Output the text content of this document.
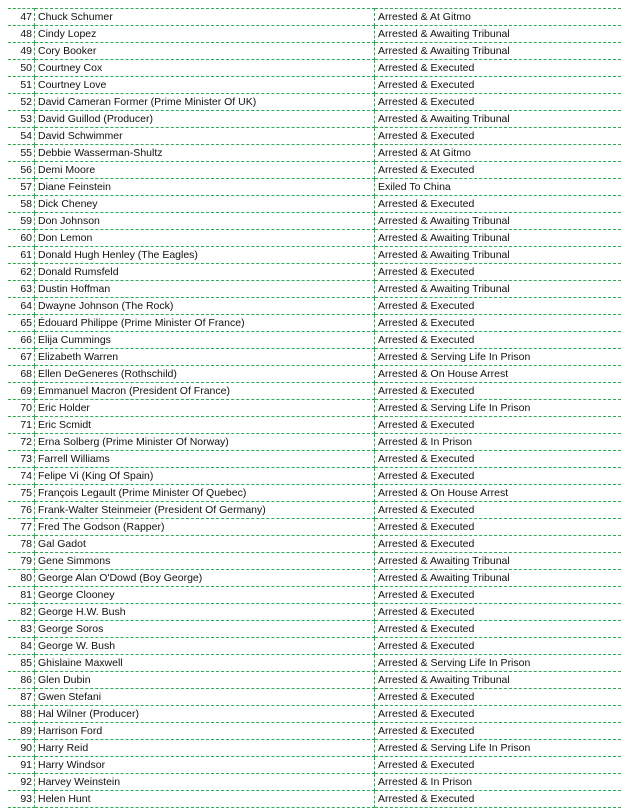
47	Chuck Schumer	Arrested & At Gitmo
48	Cindy Lopez	Arrested & Awaiting Tribunal
49	Cory Booker	Arrested & Awaiting Tribunal
50	Courtney Cox	Arrested & Executed
51	Courtney Love	Arrested & Executed
52	David Cameran Former (Prime Minister Of UK)	Arrested & Executed
53	David Guillod (Producer)	Arrested & Awaiting Tribunal
54	David Schwimmer	Arrested & Executed
55	Debbie Wasserman-Shultz	Arrested & At Gitmo
56	Demi Moore	Arrested & Executed
57	Diane Feinstein	Exiled To China
58	Dick Cheney	Arrested & Executed
59	Don Johnson	Arrested & Awaiting Tribunal
60	Don Lemon	Arrested & Awaiting Tribunal
61	Donald Hugh Henley (The Eagles)	Arrested & Awaiting Tribunal
62	Donald Rumsfeld	Arrested & Executed
63	Dustin Hoffman	Arrested & Awaiting Tribunal
64	Dwayne Johnson (The Rock)	Arrested & Executed
65	Édouard Philippe (Prime Minister Of France)	Arrested & Executed
66	Elija Cummings	Arrested & Executed
67	Elizabeth Warren	Arrested & Serving Life In Prison
68	Ellen DeGeneres (Rothschild)	Arrested & On House Arrest
69	Emmanuel Macron (President Of France)	Arrested & Executed
70	Eric Holder	Arrested & Serving Life In Prison
71	Eric Scmidt	Arrested & Executed
72	Erna Solberg (Prime Minister Of Norway)	Arrested & In Prison
73	Farrell Williams	Arrested & Executed
74	Felipe Vi (King Of Spain)	Arrested & Executed
75	François Legault (Prime Minister Of Quebec)	Arrested & On House Arrest
76	Frank-Walter Steinmeier (President Of Germany)	Arrested & Executed
77	Fred The Godson (Rapper)	Arrested & Executed
78	Gal Gadot	Arrested & Executed
79	Gene Simmons	Arrested & Awaiting Tribunal
80	George Alan O'Dowd (Boy George)	Arrested & Awaiting Tribunal
81	George Clooney	Arrested & Executed
82	George H.W. Bush	Arrested & Executed
83	George Soros	Arrested & Executed
84	George W. Bush	Arrested & Executed
85	Ghislaine Maxwell	Arrested & Serving Life In Prison
86	Glen Dubin	Arrested & Awaiting Tribunal
87	Gwen Stefani	Arrested & Executed
88	Hal Wilner (Producer)	Arrested & Executed
89	Harrison Ford	Arrested & Executed
90	Harry Reid	Arrested & Serving Life In Prison
91	Harry Windsor	Arrested & Executed
92	Harvey Weinstein	Arrested & In Prison
93	Helen Hunt	Arrested & Executed
